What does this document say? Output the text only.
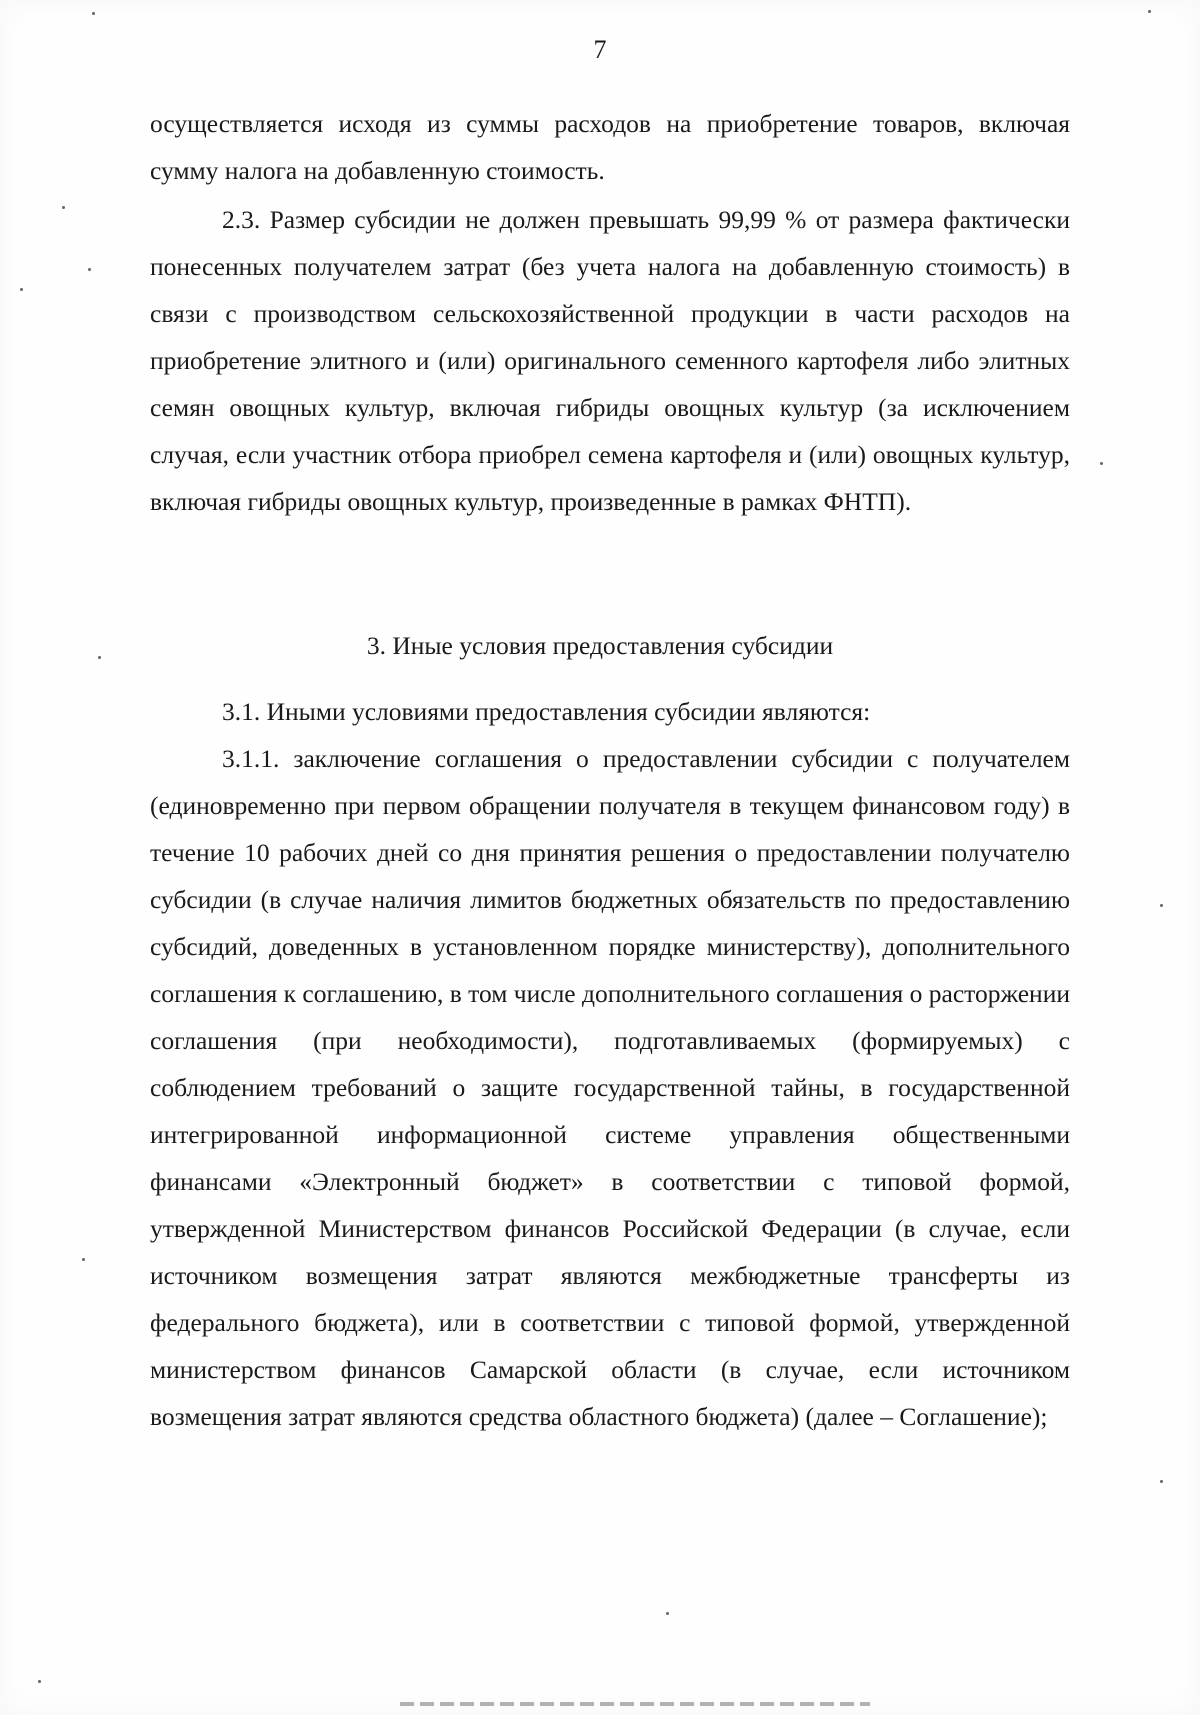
7

осуществляется исходя из суммы расходов на приобретение товаров, включая сумму налога на добавленную стоимость.

2.3. Размер субсидии не должен превышать 99,99 % от размера фактически понесенных получателем затрат (без учета налога на добавленную стоимость) в связи с производством сельскохозяйственной продукции в части расходов на приобретение элитного и (или) оригинального семенного картофеля либо элитных семян овощных культур, включая гибриды овощных культур (за исключением случая, если участник отбора приобрел семена картофеля и (или) овощных культур, включая гибриды овощных культур, произведенные в рамках ФНТП).

3. Иные условия предоставления субсидии

3.1. Иными условиями предоставления субсидии являются:

3.1.1. заключение соглашения о предоставлении субсидии с получателем (единовременно при первом обращении получателя в текущем финансовом году) в течение 10 рабочих дней со дня принятия решения о предоставлении получателю субсидии (в случае наличия лимитов бюджетных обязательств по предоставлению субсидий, доведенных в установленном порядке министерству), дополнительного соглашения к соглашению, в том числе дополнительного соглашения о расторжении соглашения (при необходимости), подготавливаемых (формируемых) с соблюдением требований о защите государственной тайны, в государственной интегрированной информационной системе управления общественными финансами «Электронный бюджет» в соответствии с типовой формой, утвержденной Министерством финансов Российской Федерации (в случае, если источником возмещения затрат являются межбюджетные трансферты из федерального бюджета), или в соответствии с типовой формой, утвержденной министерством финансов Самарской области (в случае, если источником возмещения затрат являются средства областного бюджета) (далее – Соглашение);
